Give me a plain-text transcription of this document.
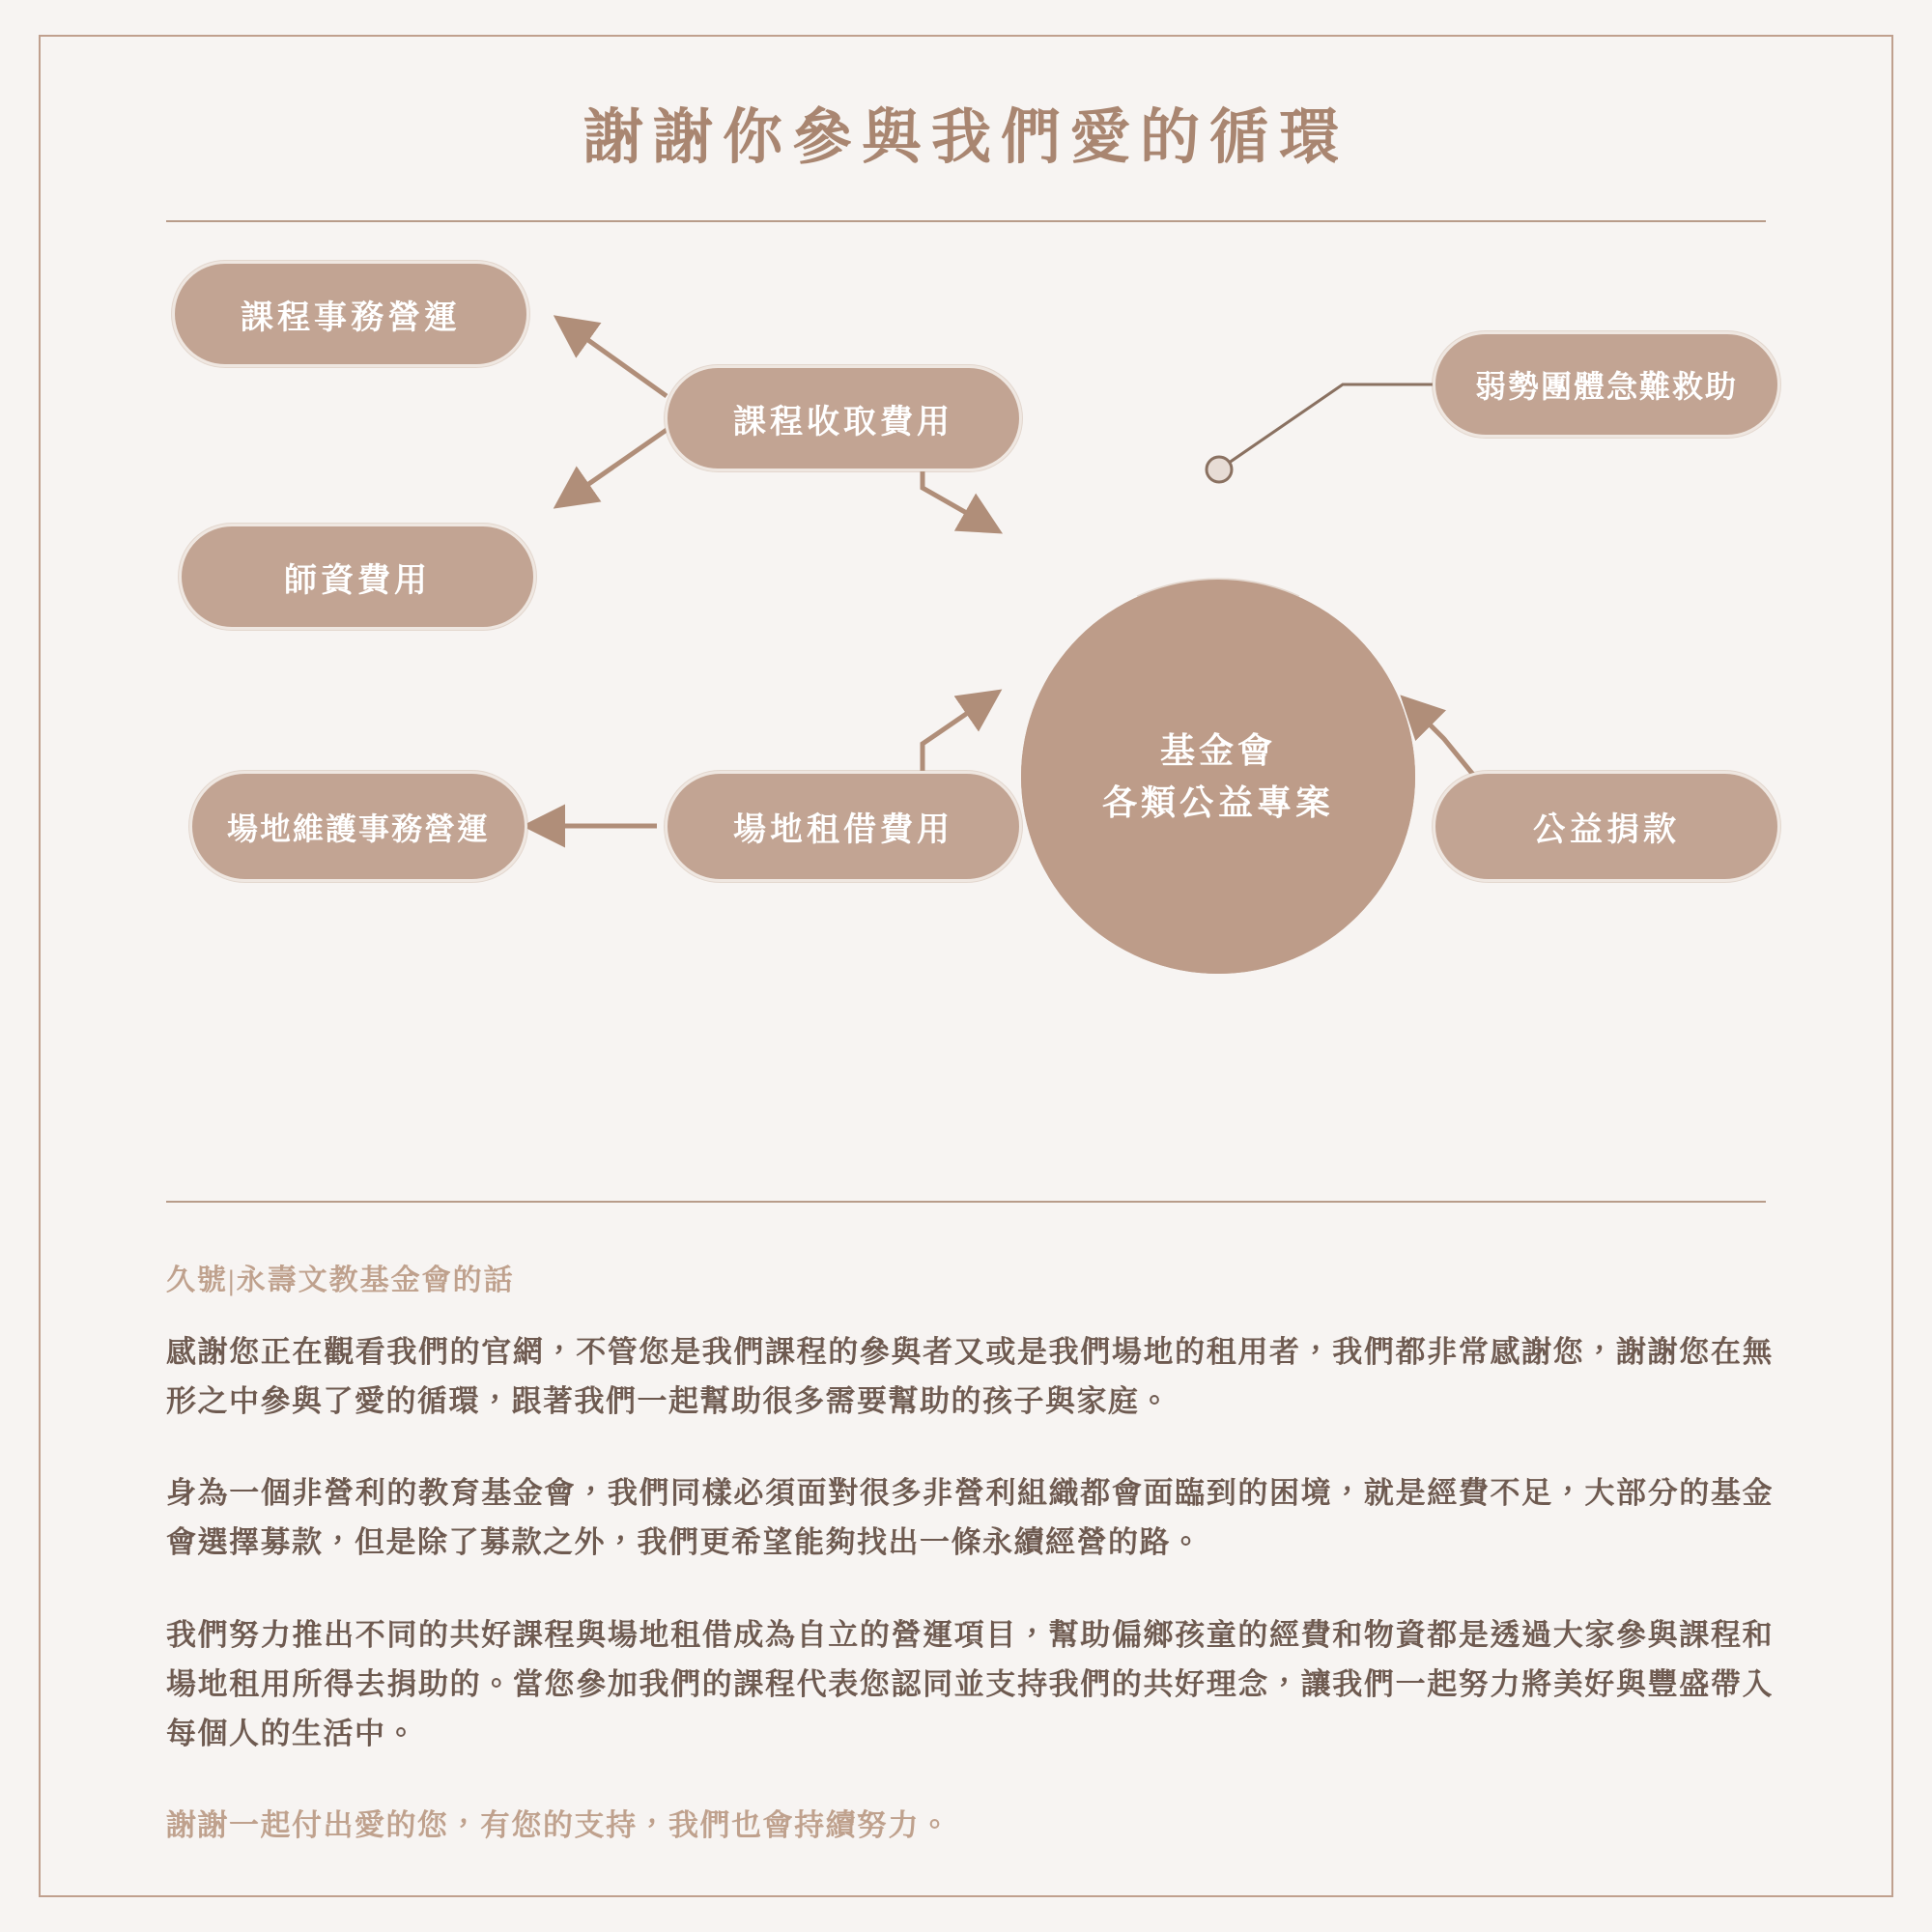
謝謝你參與我們愛的循環
基金會
各類公益專案
課程事務營運
課程收取費用
師資費用
弱勢團體急難救助
場地維護事務營運	場地租借費用	公益捐款
久號|永壽文教基金會的話

感謝您正在觀看我們的官網，不管您是我們課程的參與者又或是我們場地的租用者，我們都非常感謝您，謝謝您在無形之中參與了愛的循環，跟著我們一起幫助很多需要幫助的孩子與家庭。

身為一個非營利的教育基金會，我們同樣必須面對很多非營利組織都會面臨到的困境，就是經費不足，大部分的基金會選擇募款，但是除了募款之外，我們更希望能夠找出一條永續經營的路。

我們努力推出不同的共好課程與場地租借成為自立的營運項目，幫助偏鄉孩童的經費和物資都是透過大家參與課程和場地租用所得去捐助的。當您參加我們的課程代表您認同並支持我們的共好理念，讓我們一起努力將美好與豐盛帶入每個人的生活中。

謝謝一起付出愛的您，有您的支持，我們也會持續努力。
